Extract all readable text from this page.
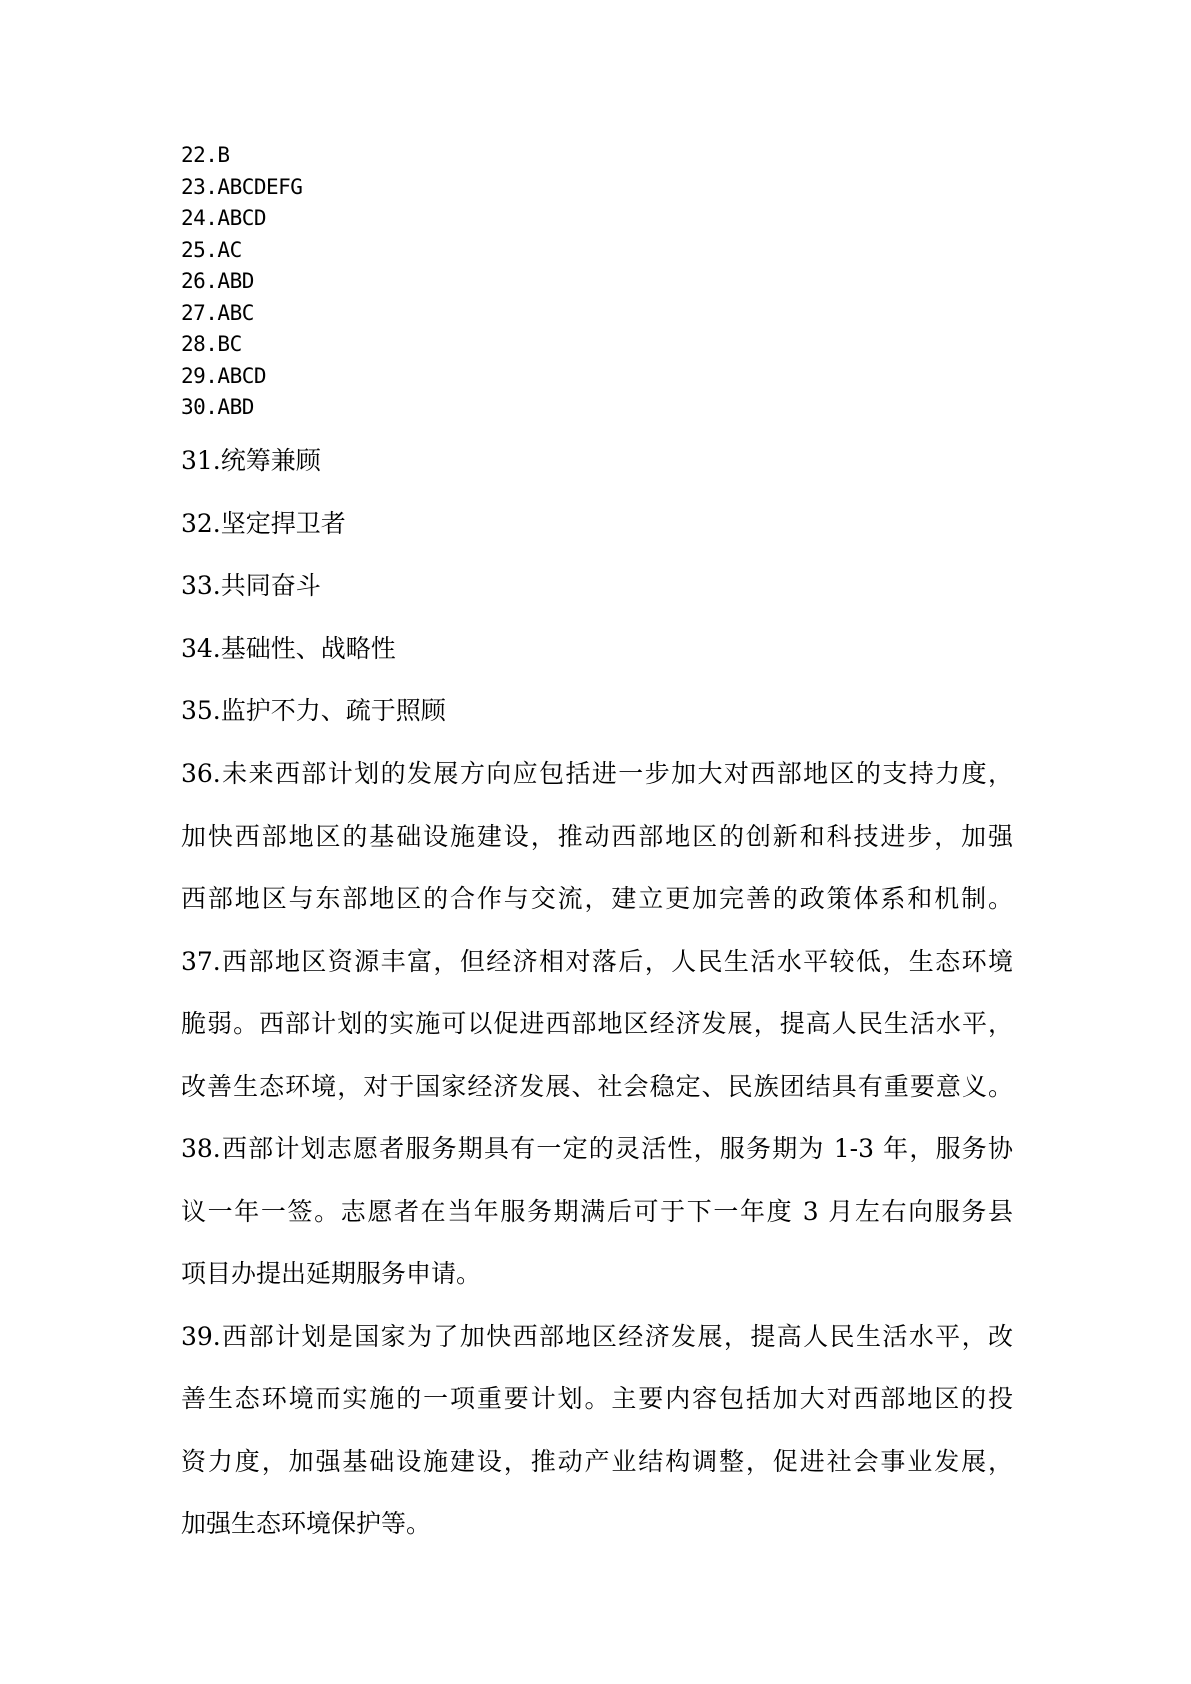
22.B
23.ABCDEFG
24.ABCD
25.AC
26.ABD
27.ABC
28.BC
29.ABCD
30.ABD
31.统筹兼顾
32.坚定捍卫者
33.共同奋斗
34.基础性、战略性
35.监护不力、疏于照顾

36.未来西部计划的发展方向应包括进一步加大对西部地区的支持力度，
加快西部地区的基础设施建设，推动西部地区的创新和科技进步，加强
西部地区与东部地区的合作与交流，建立更加完善的政策体系和机制。

37.西部地区资源丰富，但经济相对落后，人民生活水平较低，生态环境
脆弱。西部计划的实施可以促进西部地区经济发展，提高人民生活水平，
改善生态环境，对于国家经济发展、社会稳定、民族团结具有重要意义。

38.西部计划志愿者服务期具有一定的灵活性，服务期为 1-3 年，服务协
议一年一签。志愿者在当年服务期满后可于下一年度 3 月左右向服务县
项目办提出延期服务申请。

39.西部计划是国家为了加快西部地区经济发展，提高人民生活水平，改
善生态环境而实施的一项重要计划。主要内容包括加大对西部地区的投
资力度，加强基础设施建设，推动产业结构调整，促进社会事业发展，
加强生态环境保护等。
